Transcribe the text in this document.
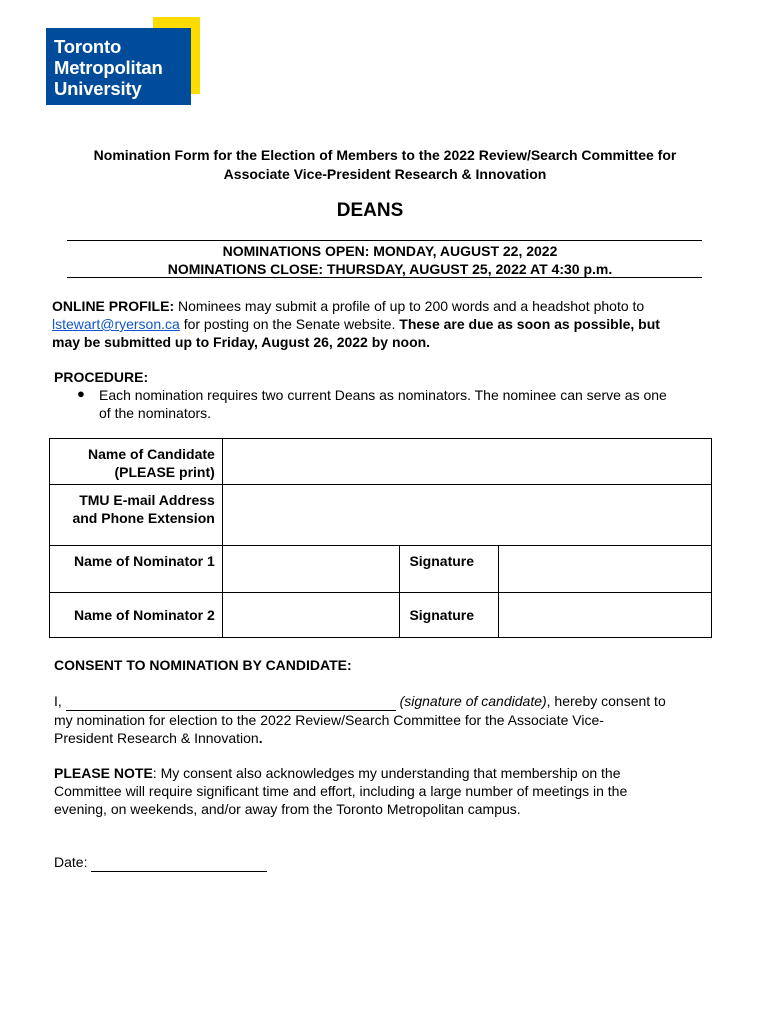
Toronto
Metropolitan
University
Nomination Form for the Election of Members to the 2022 Review/Search Committee for
Associate Vice-President Research & Innovation
DEANS
NOMINATIONS OPEN: MONDAY, AUGUST 22, 2022
NOMINATIONS CLOSE: THURSDAY, AUGUST 25, 2022 AT 4:30 p.m.
ONLINE PROFILE: Nominees may submit a profile of up to 200 words and a headshot photo to
lstewart@ryerson.ca for posting on the Senate website. These are due as soon as possible, but
may be submitted up to Friday, August 26, 2022 by noon.
PROCEDURE:
● Each nomination requires two current Deans as nominators. The nominee can serve as one
of the nominators.
Name of Candidate
(PLEASE print)			

TMU E-mail Address
and Phone Extension			

Name of Nominator 1		Signature	
Name of Nominator 2		Signature	
CONSENT TO NOMINATION BY CANDIDATE:
I,	(signature of candidate), hereby consent to
my nomination for election to the 2022 Review/Search Committee for the Associate Vice-
President Research & Innovation.
PLEASE NOTE: My consent also acknowledges my understanding that membership on the
Committee will require significant time and effort, including a large number of meetings in the
evening, on weekends, and/or away from the Toronto Metropolitan campus.
Date:
